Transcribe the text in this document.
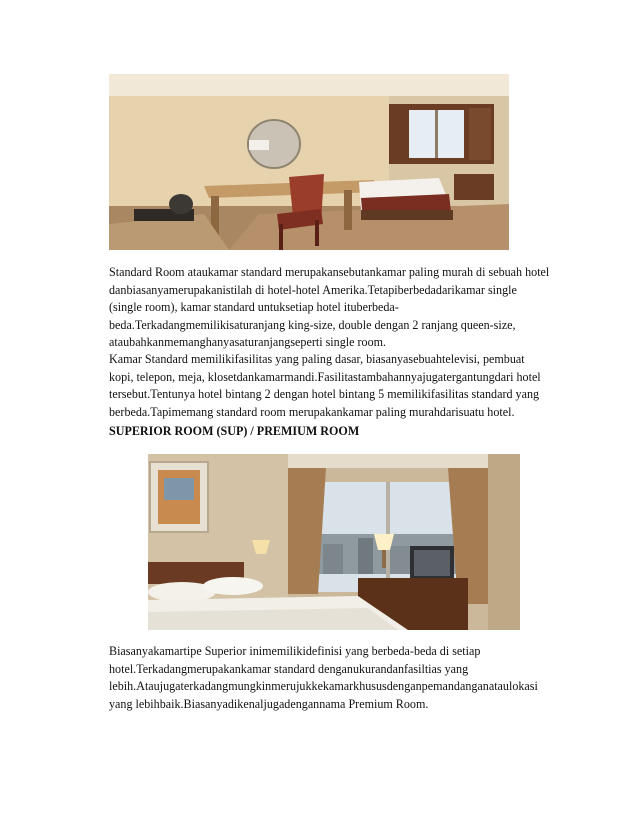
Standard Room ataukamar standard merupakansebutankamar paling murah di sebuah hotel
danbiasanyamerupakanistilah di hotel-hotel Amerika.Tetapiberbedadarikamar single
(single room), kamar standard untuksetiap hotel ituberbeda-
beda.Terkadangmemilikisaturanjang king-size, double dengan 2 ranjang queen-size,
ataubahkanmemanghanyasaturanjangseperti single room.

Kamar Standard memilikifasilitas yang paling dasar, biasanyasebuahtelevisi, pembuat
kopi, telepon, meja, klosetdankamarmandi.Fasilitastambahannyajugatergantungdari hotel
tersebut.Tentunya hotel bintang 2 dengan hotel bintang 5 memilikifasilitas standard yang
berbeda.Tapimemang standard room merupakankamar paling murahdarisuatu hotel.

SUPERIOR ROOM (SUP) / PREMIUM ROOM

Biasanyakamartipe Superior inimemilikidefinisi yang berbeda-beda di setiap
hotel.Terkadangmerupakankamar standard denganukurandanfasiltias yang
lebih.Ataujugaterkadangmungkinmerujukkekamarkhususdenganpemandanganataulokasi
yang lebihbaik.Biasanyadikenaljugadengannama Premium Room.
